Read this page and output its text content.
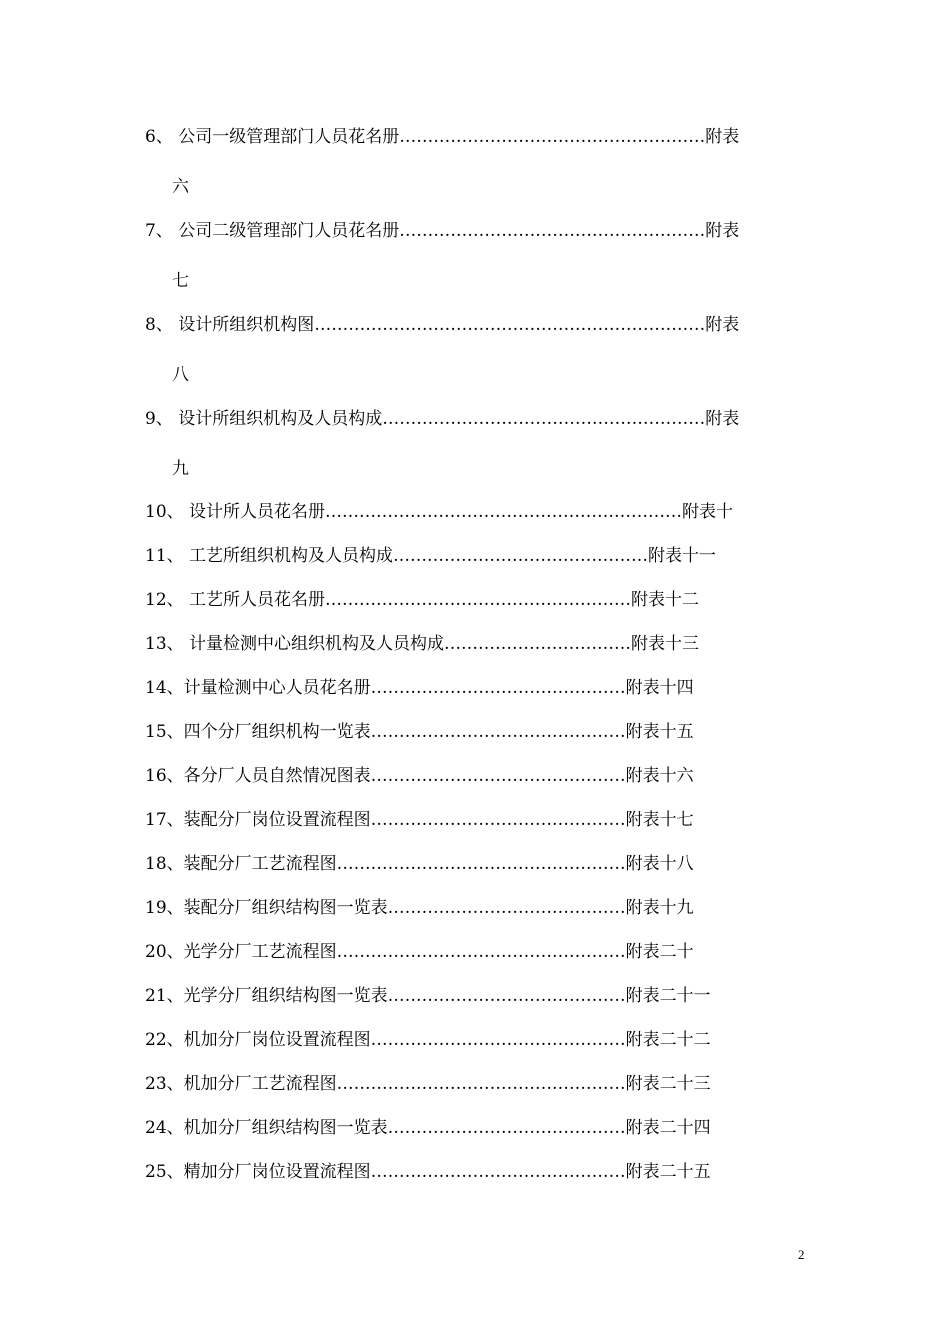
6、 公司一级管理部门人员花名册………………………………………………附表
六
7、 公司二级管理部门人员花名册………………………………………………附表
七
8、 设计所组织机构图……………………………………………………………附表
八
9、 设计所组织机构及人员构成…………………………………………………附表
九
10、 设计所人员花名册………………………………………………………附表十
11、 工艺所组织机构及人员构成………………………………………附表十一
12、 工艺所人员花名册………………………………………………附表十二
13、 计量检测中心组织机构及人员构成……………………………附表十三
14、计量检测中心人员花名册………………………………………附表十四
15、四个分厂组织机构一览表………………………………………附表十五
16、各分厂人员自然情况图表………………………………………附表十六
17、装配分厂岗位设置流程图………………………………………附表十七
18、装配分厂工艺流程图……………………………………………附表十八
19、装配分厂组织结构图一览表……………………………………附表十九
20、光学分厂工艺流程图……………………………………………附表二十
21、光学分厂组织结构图一览表……………………………………附表二十一
22、机加分厂岗位设置流程图………………………………………附表二十二
23、机加分厂工艺流程图……………………………………………附表二十三
24、机加分厂组织结构图一览表……………………………………附表二十四
25、精加分厂岗位设置流程图………………………………………附表二十五
2
